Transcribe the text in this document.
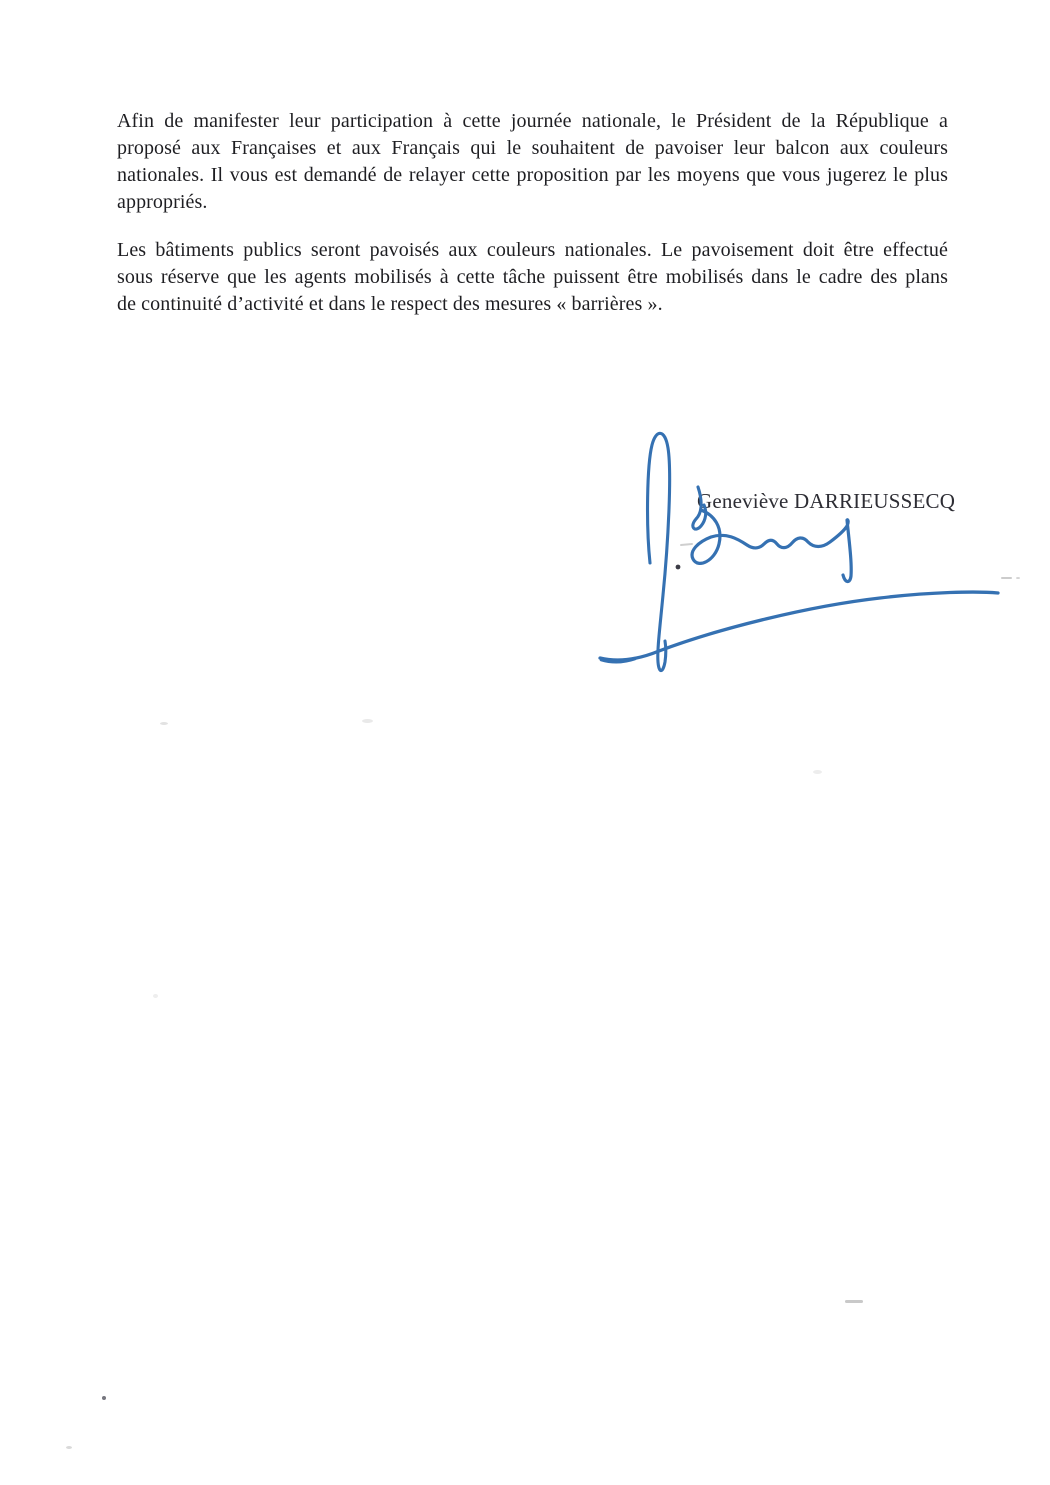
Afin de manifester leur participation à cette journée nationale, le Président de la République a
proposé aux Françaises et aux Français qui le souhaitent de pavoiser leur balcon aux couleurs
nationales. Il vous est demandé de relayer cette proposition par les moyens que vous jugerez le plus
appropriés.

Les bâtiments publics seront pavoisés aux couleurs nationales. Le pavoisement doit être effectué
sous réserve que les agents mobilisés à cette tâche puissent être mobilisés dans le cadre des plans
de continuité d’activité et dans le respect des mesures « barrières ».

Geneviève DARRIEUSSECQ
